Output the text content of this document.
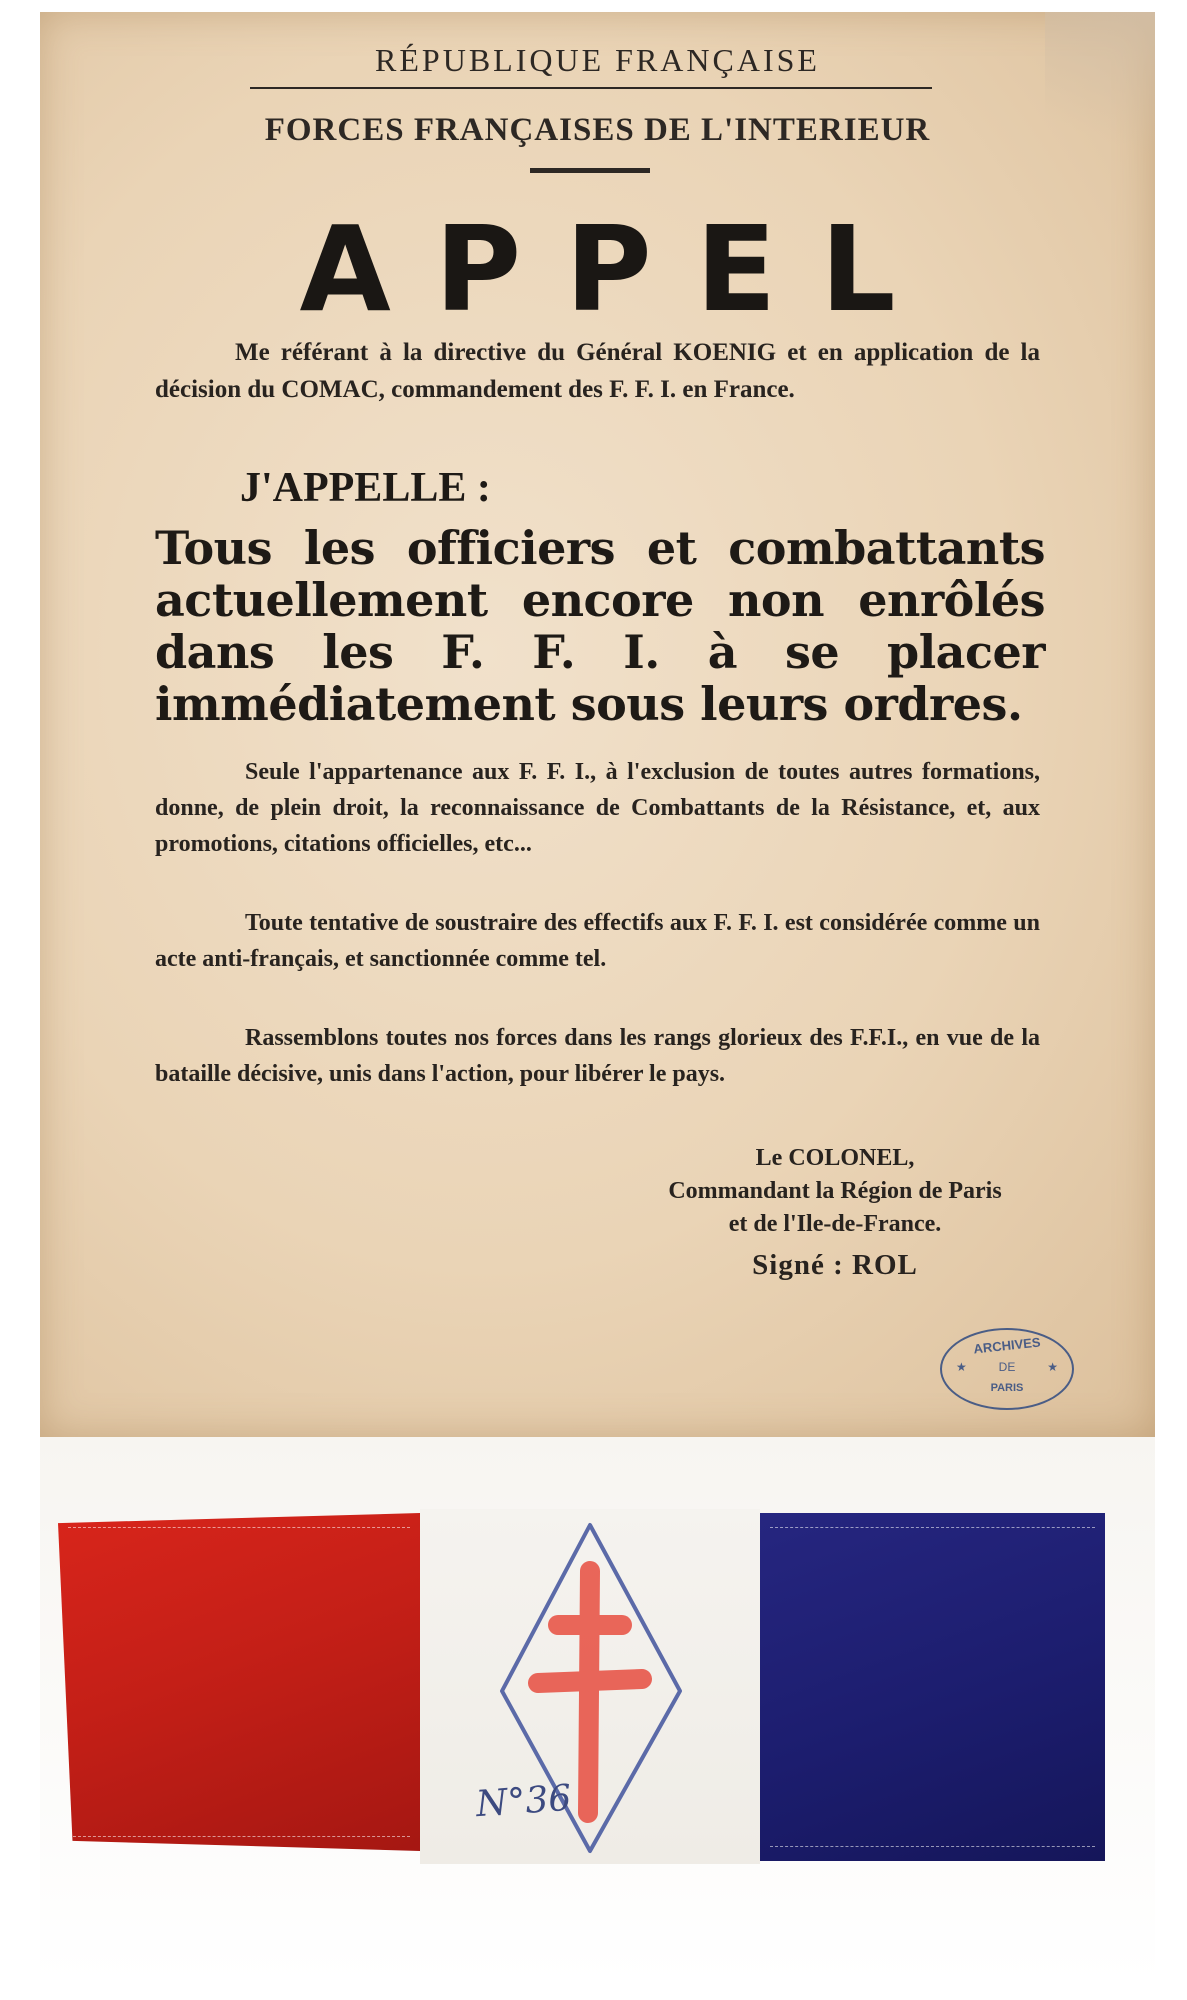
RÉPUBLIQUE FRANÇAISE
FORCES FRANÇAISES DE L'INTERIEUR
APPEL
Me référant à la directive du Général KOENIG et en application de la décision du COMAC, commandement des F. F. I. en France.
J'APPELLE :
Tous les officiers et combattants actuellement encore non enrôlés dans les F. F. I. à se placer immédiatement sous leurs ordres.
Seule l'appartenance aux F. F. I., à l'exclusion de toutes autres formations, donne, de plein droit, la reconnaissance de Combattants de la Résistance, et, aux promotions, citations officielles, etc...
Toute tentative de soustraire des effectifs aux F. F. I. est considérée comme un acte anti-français, et sanctionnée comme tel.
Rassemblons toutes nos forces dans les rangs glorieux des F.F.I., en vue de la bataille décisive, unis dans l'action, pour libérer le pays.
Le COLONEL,
Commandant la Région de Paris
et de l'Ile-de-France.
Signé : ROL
ARCHIVES
★	DE	★
PARIS
N°36
